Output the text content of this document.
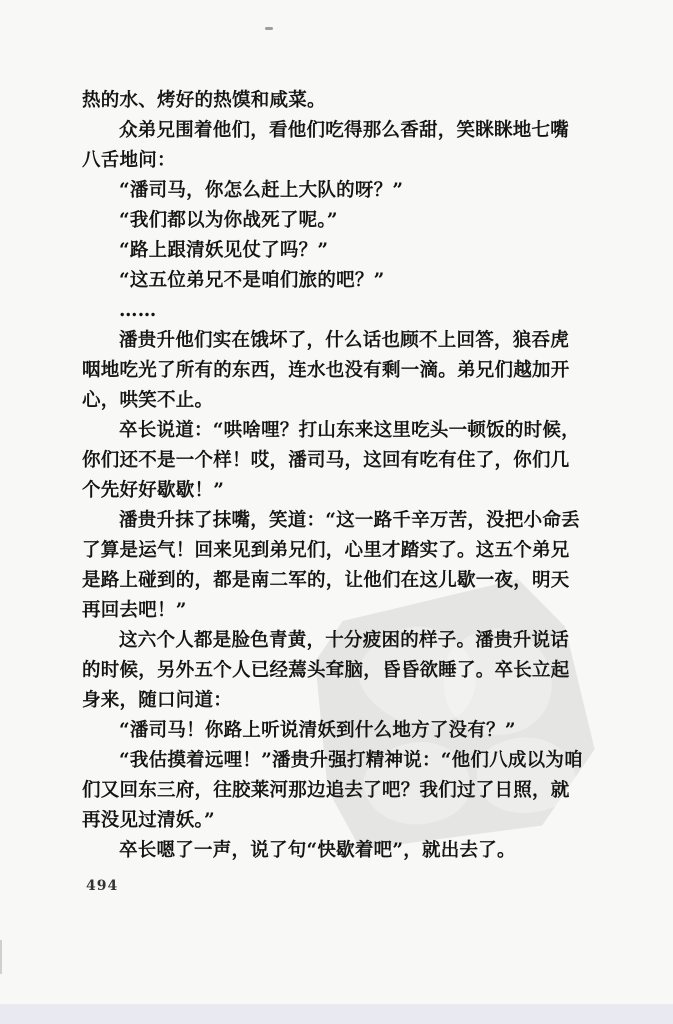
热的水、烤好的热馍和咸菜。
众弟兄围着他们，看他们吃得那么香甜，笑眯眯地七嘴
八舌地问：
“潘司马，你怎么赶上大队的呀？”
“我们都以为你战死了呢。”
“路上跟清妖见仗了吗？”
“这五位弟兄不是咱们旅的吧？”
……
潘贵升他们实在饿坏了，什么话也顾不上回答，狼吞虎
咽地吃光了所有的东西，连水也没有剩一滴。弟兄们越加开
心，哄笑不止。
卒长说道：“哄啥哩？打山东来这里吃头一顿饭的时候，
你们还不是一个样！哎，潘司马，这回有吃有住了，你们几
个先好好歇歇！”
潘贵升抹了抹嘴，笑道：“这一路千辛万苦，没把小命丢
了算是运气！回来见到弟兄们，心里才踏实了。这五个弟兄
是路上碰到的，都是南二军的，让他们在这儿歇一夜，明天
再回去吧！”
这六个人都是脸色青黄，十分疲困的样子。潘贵升说话
的时候，另外五个人已经蔫头耷脑，昏昏欲睡了。卒长立起
身来，随口问道：
“潘司马！你路上听说清妖到什么地方了没有？”
“我估摸着远哩！”潘贵升强打精神说：“他们八成以为咱
们又回东三府，往胶莱河那边追去了吧？我们过了日照，就
再没见过清妖。”
卒长嗯了一声，说了句“快歇着吧”，就出去了。
494
